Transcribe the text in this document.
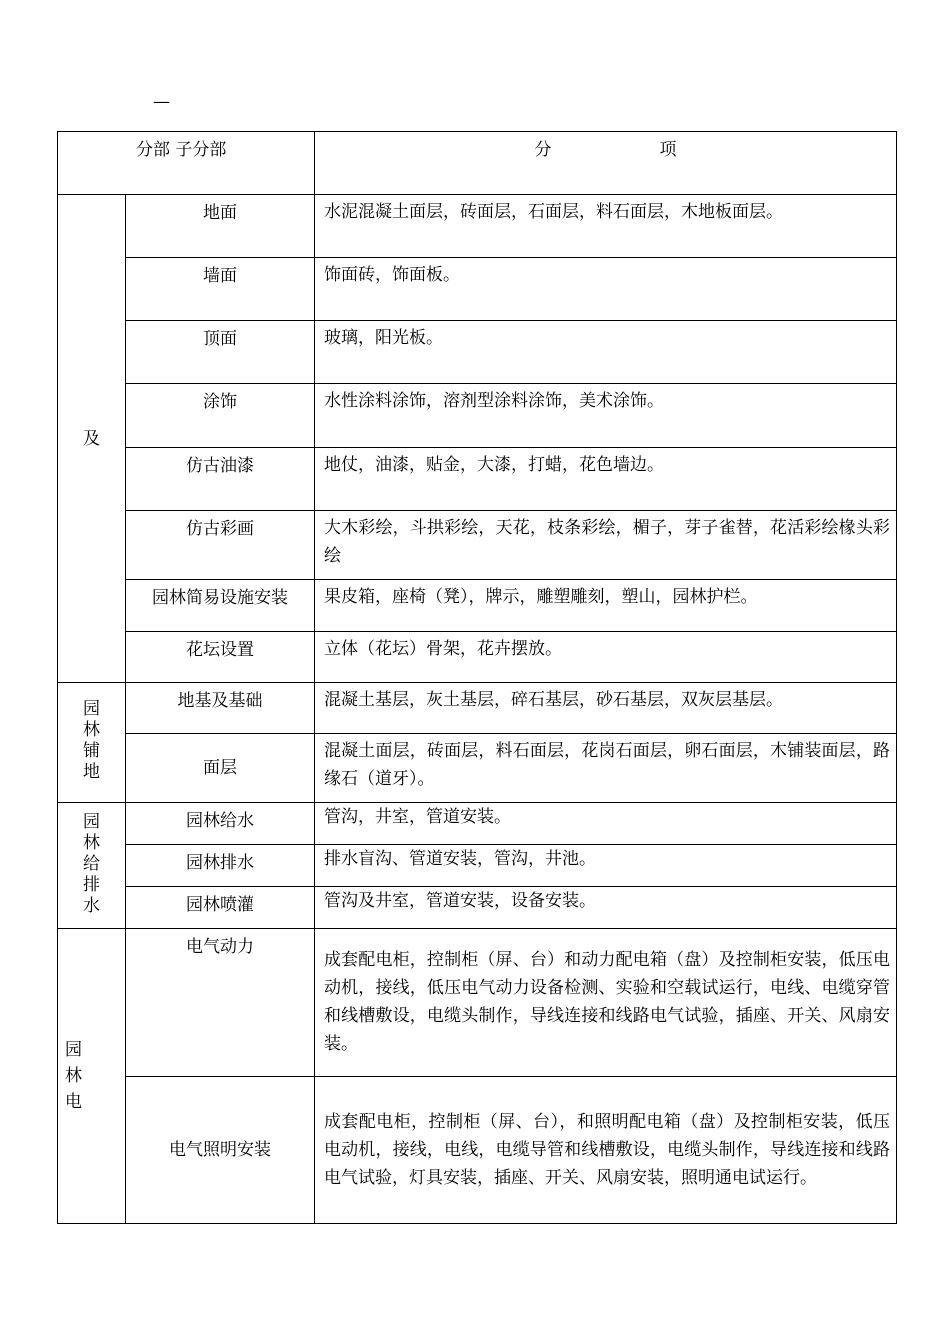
—
分部 子分部		分 项
及	地面	水泥混凝土面层，砖面层，石面层，料石面层，木地板面层。
	墙面	饰面砖，饰面板。
	顶面	玻璃，阳光板。
	涂饰	水性涂料涂饰，溶剂型涂料涂饰，美术涂饰。
	仿古油漆	地仗，油漆，贴金，大漆，打蜡，花色墙边。
	仿古彩画	大木彩绘，斗拱彩绘，天花，枝条彩绘，楣子，芽子雀替，花活彩绘椽头彩绘
	园林简易设施安装	果皮箱，座椅（凳），牌示，雕塑雕刻，塑山，园林护栏。
	花坛设置	立体（花坛）骨架，花卉摆放。
园林铺地	地基及基础	混凝土基层，灰土基层，碎石基层，砂石基层，双灰层基层。
	面层	混凝土面层，砖面层，料石面层，花岗石面层，卵石面层，木铺装面层，路缘石（道牙）。
园林给排水	园林给水	管沟，井室，管道安装。
	园林排水	排水盲沟、管道安装，管沟，井池。
	园林喷灌	管沟及井室，管道安装，设备安装。

园
林
电	电气动力	成套配电柜，控制柜（屏、台）和动力配电箱（盘）及控制柜安装，低压电动机，接线，低压电气动力设备检测、实验和空载试运行，电线、电缆穿管和线槽敷设，电缆头制作，导线连接和线路电气试验，插座、开关、风扇安装。
	电气照明安装	成套配电柜，控制柜（屏、台），和照明配电箱（盘）及控制柜安装，低压电动机，接线，电线，电缆导管和线槽敷设，电缆头制作，导线连接和线路电气试验，灯具安装，插座、开关、风扇安装，照明通电试运行。
